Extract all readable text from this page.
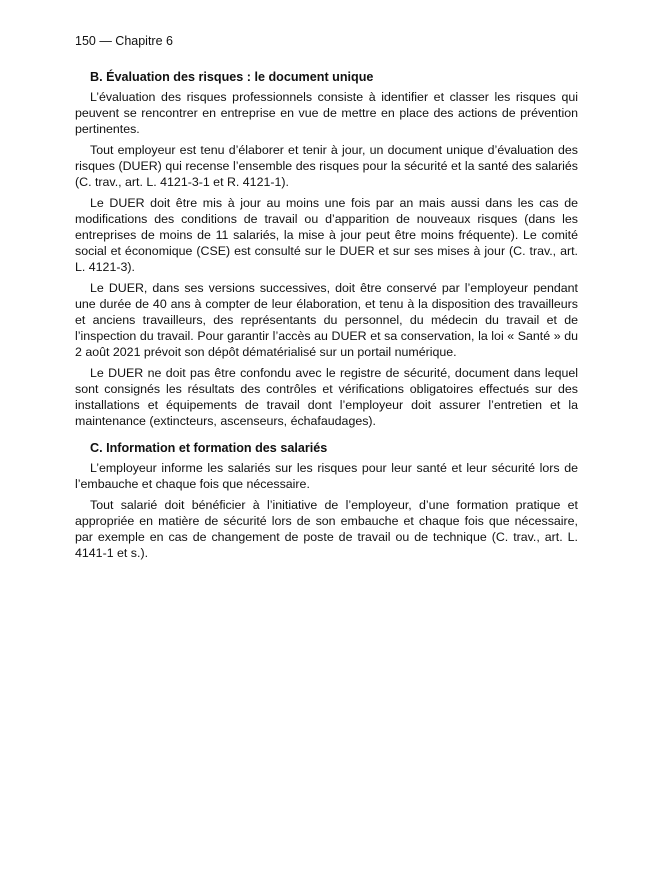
150 — Chapitre 6
B. Évaluation des risques : le document unique

L’évaluation des risques professionnels consiste à identifier et classer les risques qui peuvent se rencontrer en entreprise en vue de mettre en place des actions de prévention pertinentes.

Tout employeur est tenu d’élaborer et tenir à jour, un document unique d’évaluation des risques (DUER) qui recense l’ensemble des risques pour la sécurité et la santé des salariés (C. trav., art. L. 4121-3-1 et R. 4121-1).

Le DUER doit être mis à jour au moins une fois par an mais aussi dans les cas de modifications des conditions de travail ou d’apparition de nouveaux risques (dans les entreprises de moins de 11 salariés, la mise à jour peut être moins fréquente). Le comité social et économique (CSE) est consulté sur le DUER et sur ses mises à jour (C. trav., art. L. 4121-3).

Le DUER, dans ses versions successives, doit être conservé par l’employeur pendant une durée de 40 ans à compter de leur élaboration, et tenu à la disposition des travailleurs et anciens travailleurs, des représentants du personnel, du médecin du travail et de l’inspection du travail. Pour garantir l’accès au DUER et sa conservation, la loi « Santé » du 2 août 2021 prévoit son dépôt dématérialisé sur un portail numérique.

Le DUER ne doit pas être confondu avec le registre de sécurité, document dans lequel sont consignés les résultats des contrôles et vérifications obligatoires effectués sur des installations et équipements de travail dont l’employeur doit assurer l’entretien et la maintenance (extincteurs, ascenseurs, échafaudages).

C. Information et formation des salariés

L’employeur informe les salariés sur les risques pour leur santé et leur sécurité lors de l’embauche et chaque fois que nécessaire.

Tout salarié doit bénéficier à l’initiative de l’employeur, d’une formation pratique et appropriée en matière de sécurité lors de son embauche et chaque fois que nécessaire, par exemple en cas de changement de poste de travail ou de technique (C. trav., art. L. 4141-1 et s.).
